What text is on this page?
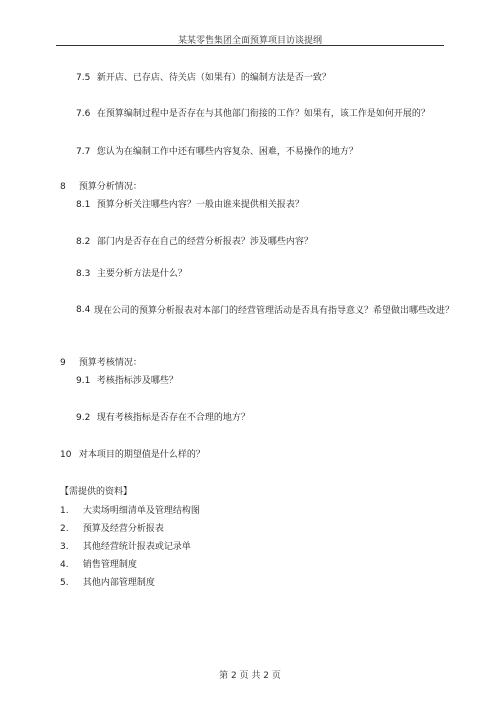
某某零售集团全面预算项目访谈提纲
7.5 新开店、已存店、待关店（如果有）的编制方法是否一致？
7.6 在预算编制过程中是否存在与其他部门衔接的工作？如果有，该工作是如何开展的？
7.7 您认为在编制工作中还有哪些内容复杂、困难，不易操作的地方？
8 预算分析情况：
8.1 预算分析关注哪些内容？一般由谁来提供相关报表？
8.2 部门内是否存在自己的经营分析报表？涉及哪些内容？
8.3 主要分析方法是什么？
8.4 现在公司的预算分析报表对本部门的经营管理活动是否具有指导意义？希望做出哪些改进？
9 预算考核情况：
9.1 考核指标涉及哪些？
9.2 现有考核指标是否存在不合理的地方？
10 对本项目的期望值是什么样的？
【需提供的资料】
1. 大卖场明细清单及管理结构图
2. 预算及经营分析报表
3. 其他经营统计报表或记录单
4. 销售管理制度
5. 其他内部管理制度
第 2 页 共 2 页
